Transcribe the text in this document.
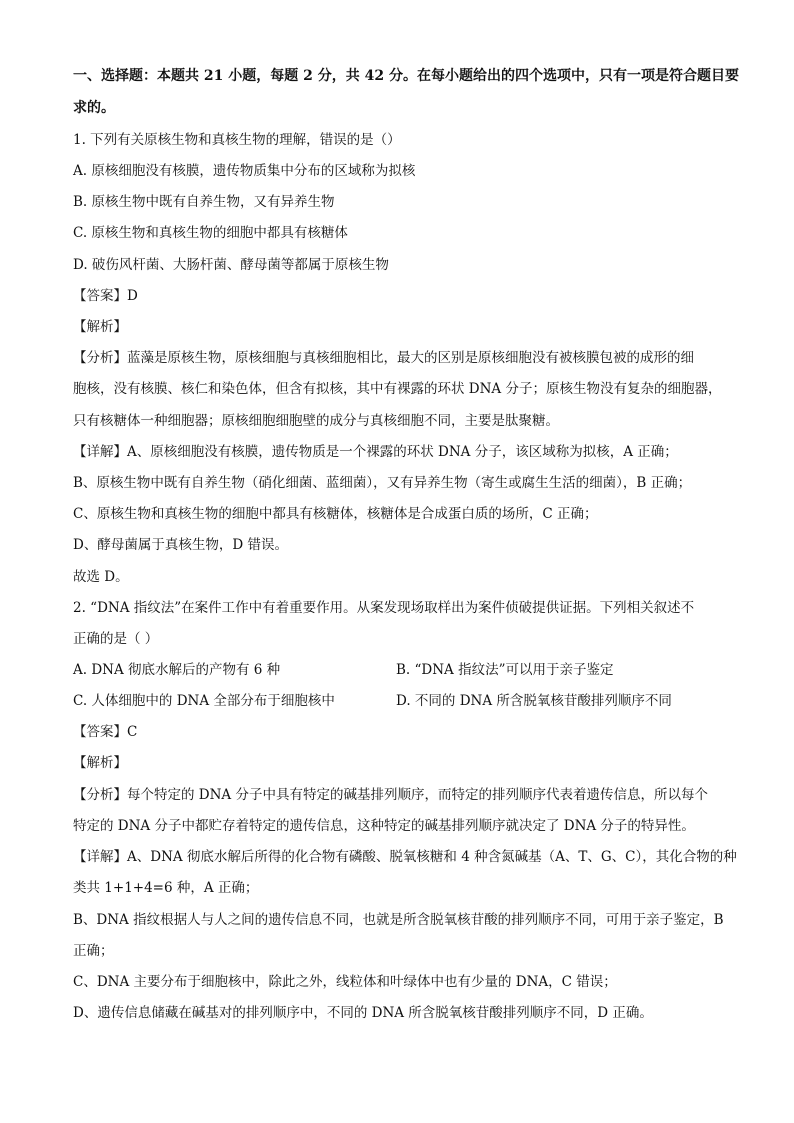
一、选择题：本题共 21 小题，每题 2 分，共 42 分。在每小题给出的四个选项中，只有一项是符合题目要
求的。
1. 下列有关原核生物和真核生物的理解，错误的是（）
A. 原核细胞没有核膜，遗传物质集中分布的区域称为拟核
B. 原核生物中既有自养生物，又有异养生物
C. 原核生物和真核生物的细胞中都具有核糖体
D. 破伤风杆菌、大肠杆菌、酵母菌等都属于原核生物
【答案】D
【解析】
【分析】蓝藻是原核生物，原核细胞与真核细胞相比，最大的区别是原核细胞没有被核膜包被的成形的细
胞核，没有核膜、核仁和染色体，但含有拟核，其中有裸露的环状 DNA 分子；原核生物没有复杂的细胞器，
只有核糖体一种细胞器；原核细胞细胞壁的成分与真核细胞不同，主要是肽聚糖。
【详解】A、原核细胞没有核膜，遗传物质是一个裸露的环状 DNA 分子，该区域称为拟核，A 正确；
B、原核生物中既有自养生物（硝化细菌、蓝细菌），又有异养生物（寄生或腐生生活的细菌），B 正确；
C、原核生物和真核生物的细胞中都具有核糖体，核糖体是合成蛋白质的场所，C 正确；
D、酵母菌属于真核生物，D 错误。
故选 D。
2. “DNA 指纹法”在案件工作中有着重要作用。从案发现场取样出为案件侦破提供证据。下列相关叙述不
正确的是（ ）
A. DNA 彻底水解后的产物有 6 种	B. “DNA 指纹法”可以用于亲子鉴定
C. 人体细胞中的 DNA 全部分布于细胞核中	D. 不同的 DNA 所含脱氧核苷酸排列顺序不同
【答案】C
【解析】
【分析】每个特定的 DNA 分子中具有特定的碱基排列顺序，而特定的排列顺序代表着遗传信息，所以每个
特定的 DNA 分子中都贮存着特定的遗传信息，这种特定的碱基排列顺序就决定了 DNA 分子的特异性。
【详解】A、DNA 彻底水解后所得的化合物有磷酸、脱氧核糖和 4 种含氮碱基（A、T、G、C），其化合物的种
类共 1+1+4=6 种，A 正确；
B、DNA 指纹根据人与人之间的遗传信息不同，也就是所含脱氧核苷酸的排列顺序不同，可用于亲子鉴定，B
正确；
C、DNA 主要分布于细胞核中，除此之外，线粒体和叶绿体中也有少量的 DNA，C 错误；
D、遗传信息储藏在碱基对的排列顺序中，不同的 DNA 所含脱氧核苷酸排列顺序不同，D 正确。
